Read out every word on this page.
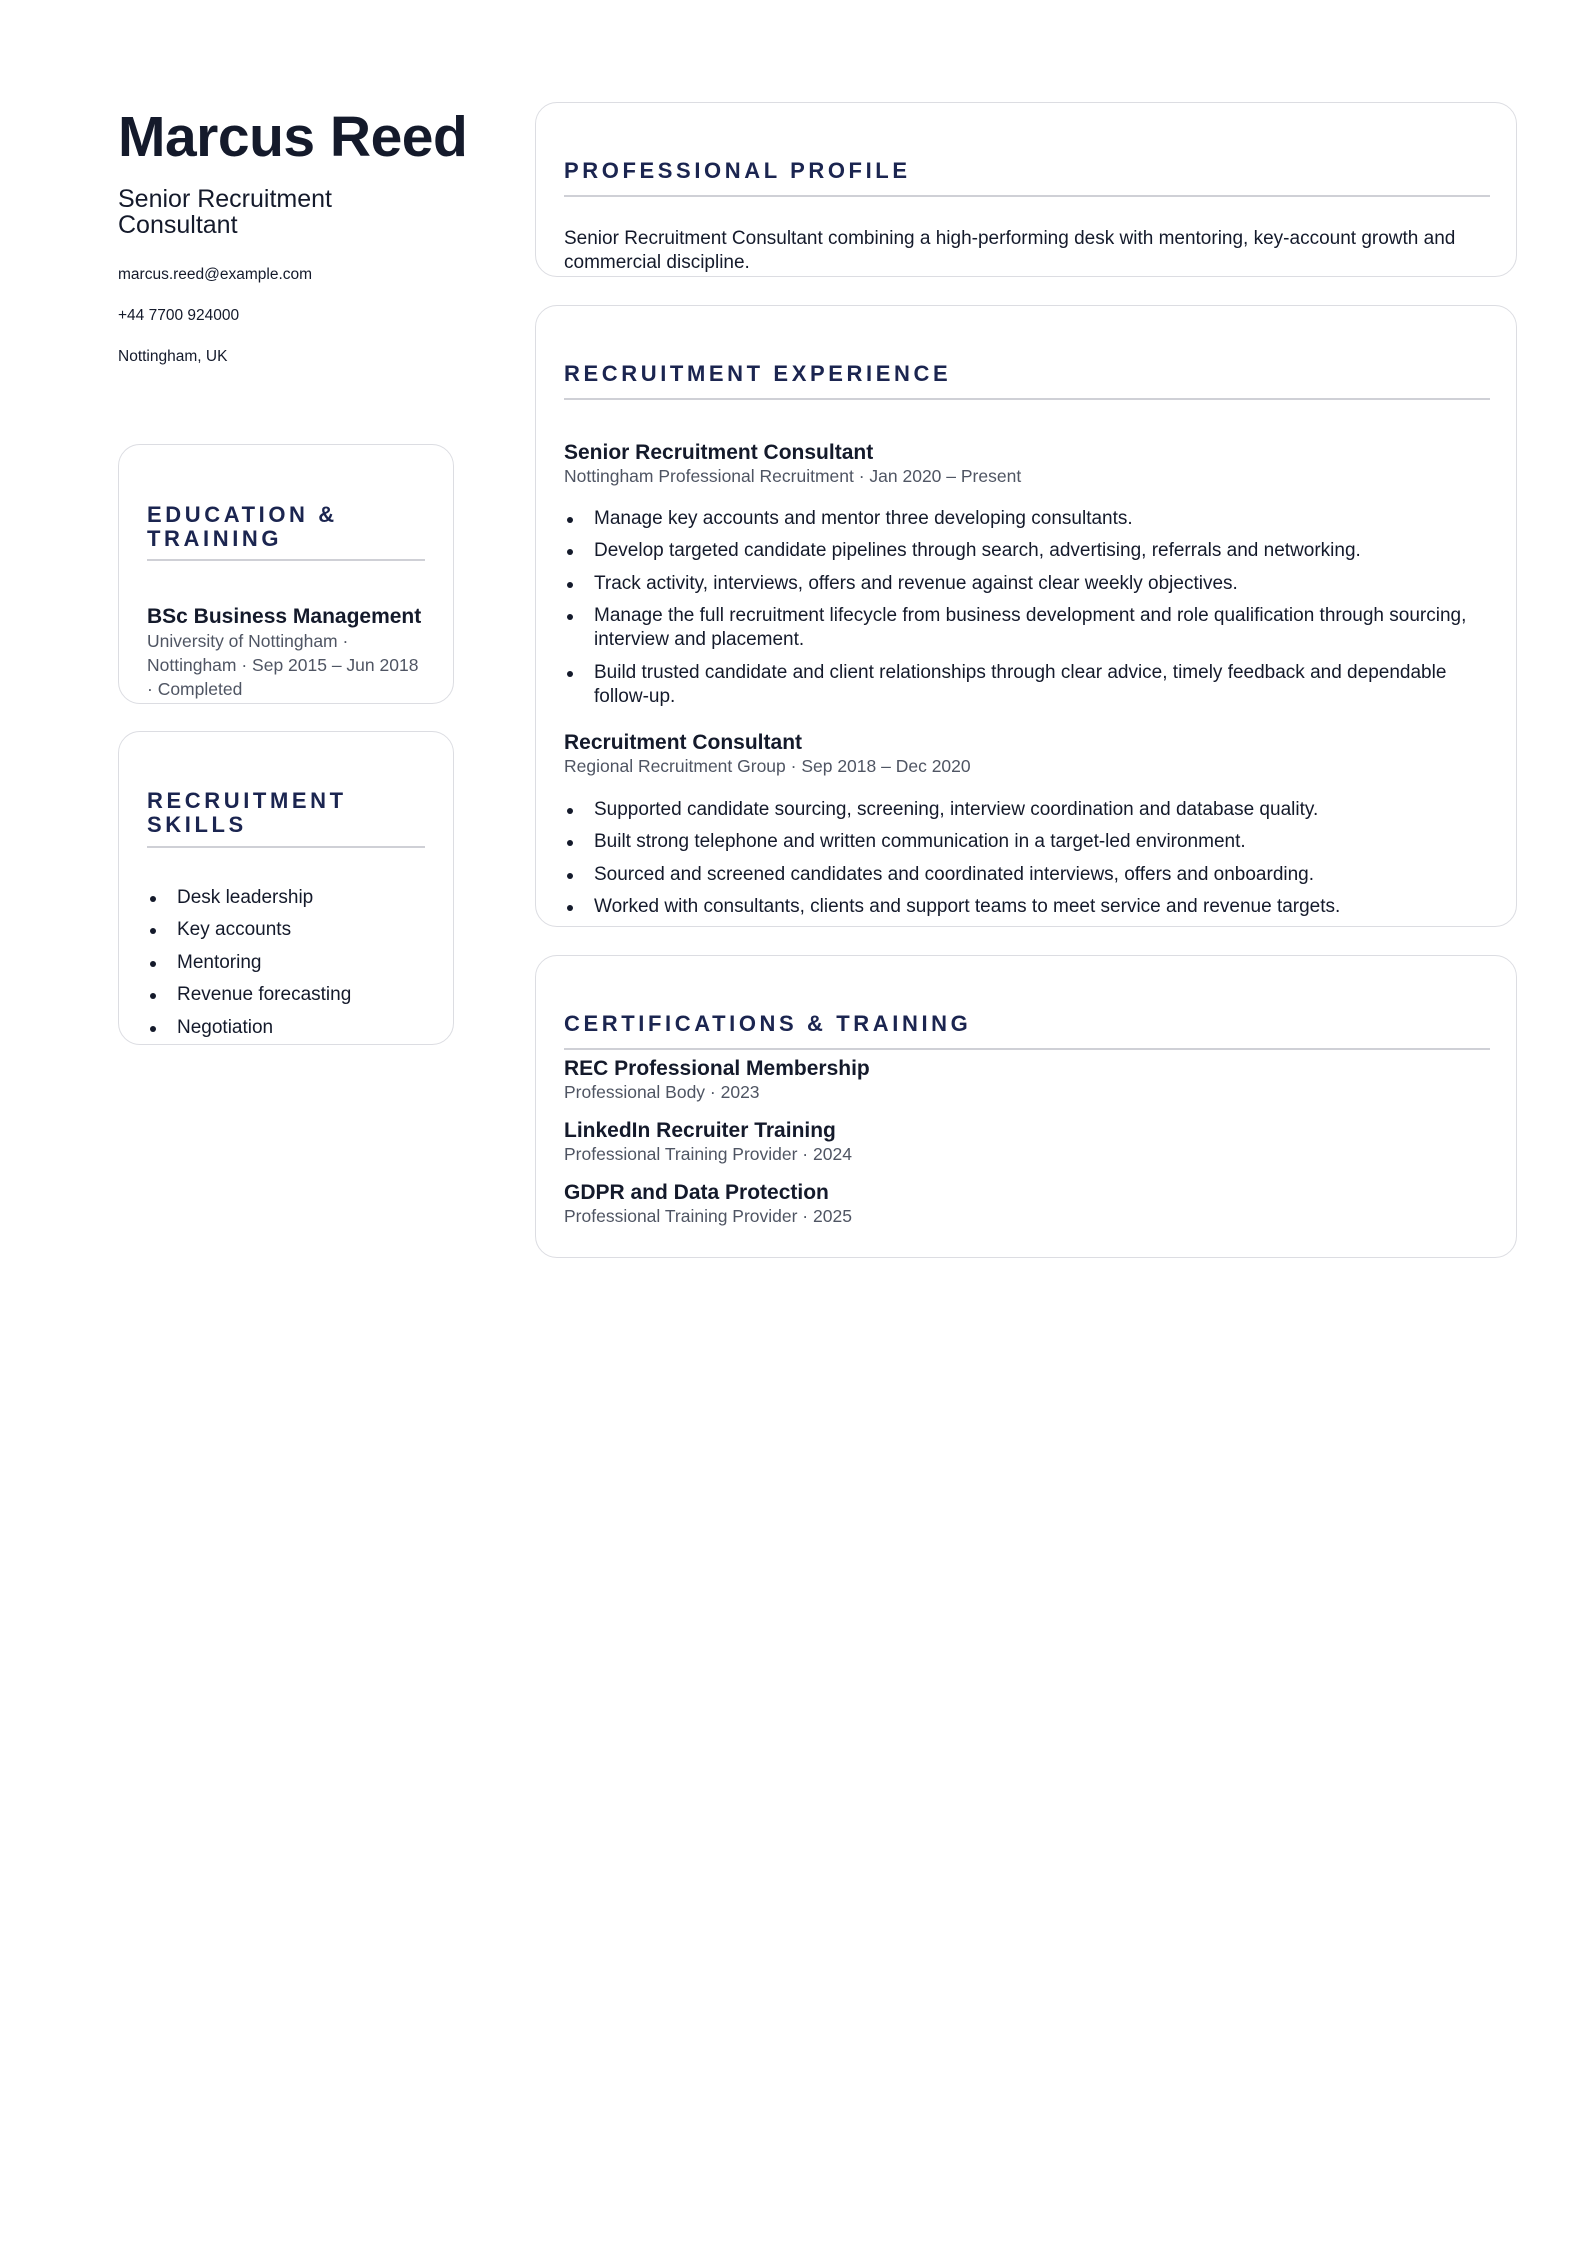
Marcus Reed
Senior Recruitment Consultant
marcus.reed@example.com
+44 7700 924000
Nottingham, UK
EDUCATION & TRAINING
BSc Business Management
University of Nottingham · Nottingham · Sep 2015 – Jun 2018 · Completed
RECRUITMENT SKILLS
Desk leadership
Key accounts
Mentoring
Revenue forecasting
Negotiation
PROFESSIONAL PROFILE
Senior Recruitment Consultant combining a high-performing desk with mentoring, key-account growth and commercial discipline.
RECRUITMENT EXPERIENCE
Senior Recruitment Consultant
Nottingham Professional Recruitment · Jan 2020 – Present
Manage key accounts and mentor three developing consultants.
Develop targeted candidate pipelines through search, advertising, referrals and networking.
Track activity, interviews, offers and revenue against clear weekly objectives.
Manage the full recruitment lifecycle from business development and role qualification through sourcing, interview and placement.
Build trusted candidate and client relationships through clear advice, timely feedback and dependable follow-up.
Recruitment Consultant
Regional Recruitment Group · Sep 2018 – Dec 2020
Supported candidate sourcing, screening, interview coordination and database quality.
Built strong telephone and written communication in a target-led environment.
Sourced and screened candidates and coordinated interviews, offers and onboarding.
Worked with consultants, clients and support teams to meet service and revenue targets.
CERTIFICATIONS & TRAINING
REC Professional Membership
Professional Body · 2023
LinkedIn Recruiter Training
Professional Training Provider · 2024
GDPR and Data Protection
Professional Training Provider · 2025
